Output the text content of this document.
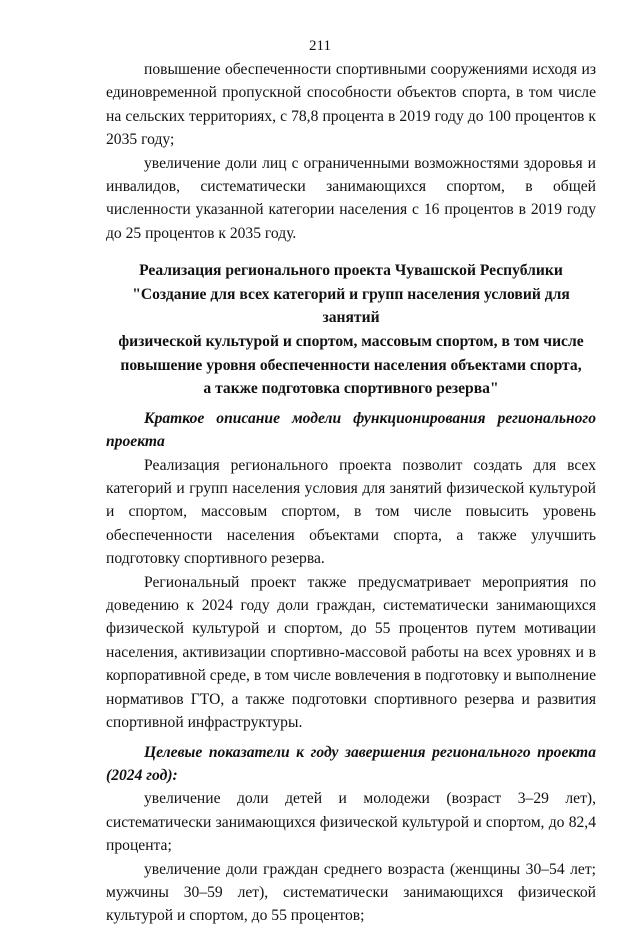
211

повышение обеспеченности спортивными сооружениями исходя из единовременной пропускной способности объектов спорта, в том числе на сельских территориях, с 78,8 процента в 2019 году до 100 процентов к 2035 году;

увеличение доли лиц с ограниченными возможностями здоровья и инвалидов, систематически занимающихся спортом, в общей численности указанной категории населения с 16 процентов в 2019 году до 25 процентов к 2035 году.

Реализация регионального проекта Чувашской Республики
"Создание для всех категорий и групп населения условий для занятий
физической культурой и спортом, массовым спортом, в том числе
повышение уровня обеспеченности населения объектами спорта,
а также подготовка спортивного резерва"

Краткое описание модели функционирования регионального проекта

Реализация регионального проекта позволит создать для всех категорий и групп населения условия для занятий физической культурой и спортом, массовым спортом, в том числе повысить уровень обеспеченности населения объектами спорта, а также улучшить подготовку спортивного резерва.

Региональный проект также предусматривает мероприятия по доведению к 2024 году доли граждан, систематически занимающихся физической культурой и спортом, до 55 процентов путем мотивации населения, активизации спортивно-массовой работы на всех уровнях и в корпоративной среде, в том числе вовлечения в подготовку и выполнение нормативов ГТО, а также подготовки спортивного резерва и развития спортивной инфраструктуры.

Целевые показатели к году завершения регионального проекта (2024 год):

увеличение доли детей и молодежи (возраст 3–29 лет), систематически занимающихся физической культурой и спортом, до 82,4 процента;

увеличение доли граждан среднего возраста (женщины 30–54 лет; мужчины 30–59 лет), систематически занимающихся физической культурой и спортом, до 55 процентов;
